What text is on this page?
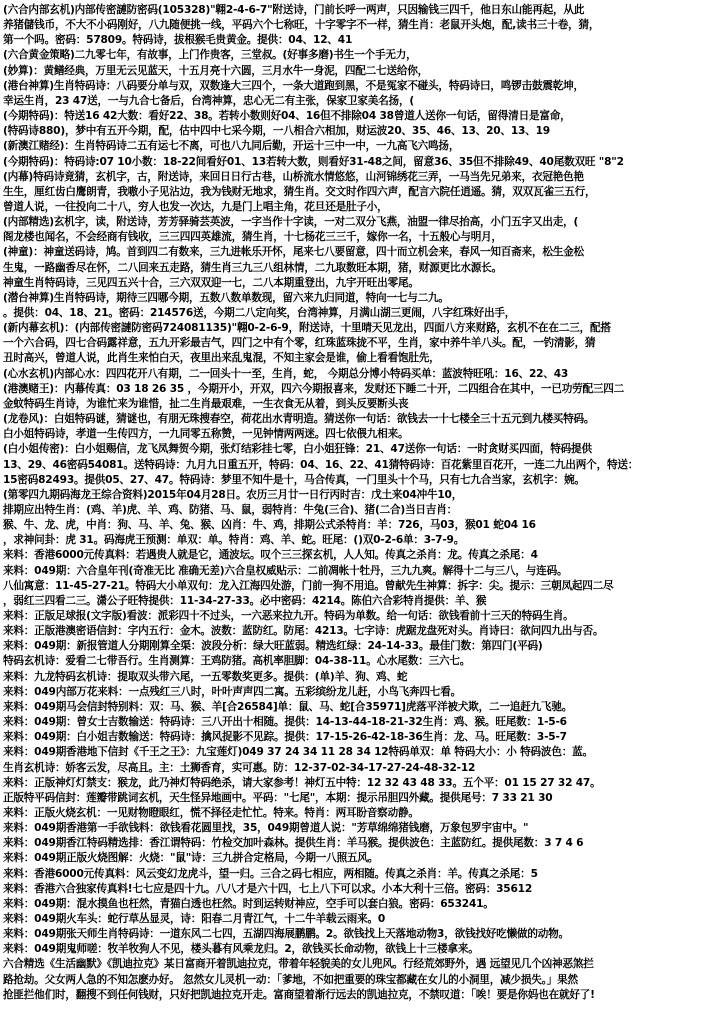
(六合内部玄机)内部传密謰防密码(105328)"翺2-4-6-7"附送诗，门前长呼一两声，只因输钱三四千，他日东山能再起，从此
养猪儲钱币，不大不小码刚好，八九随便挑一线，平码六个七称旺，十字零字不一样，猜生肖：老鼠开头炮，配,读书三十卷，猜，
第一个吗。密码：57809。特码诗，拔根猴毛贵黄金。提供：04、12、41
(六合黄金策略)二九零七年，有故事，上门作贵客，三堂叔。(好事多磨)书生一个手无力，
(妙算)：黄鳝经典，万里无云见蓝天，十五月亮十六圆，三月水牛一身泥，四配二七送给你，
(港台神算)生肖特码诗：八码要分单与双，双数逢大三四个，一条大道跑到黑，不是冤家不碰头，特码诗曰，鸣锣击鼓震乾坤，
幸运生肖，23 47送，一与九合七备后，台湾神算，忠心无二有主张，保家卫家美名扬，(
(今期特码)：特送16 42大数：看好22、38。若转小数则好04、16但不排除04 38曾道人送你一句话，留得清日是富命，
(特码诗880)，梦中有五开今期，配，估中四中七采今期，一八相合六相加，财运波20、35、46、13、20、13、19
(新澳江赌经)：生肖特码诗二五有运七不离，可也八九同后勤，开运十三中一中，一九高飞六鸣扬，
(今期特码)：特码诗:07 10小数：18-22间看好01、13若转大数，则看好31-48之间，留意36、35但不排除49、40尾数双旺 "8"2
(内幕)特码诗竟猜，玄机字，古，附送诗，来回日日行古巷，山桥流水情悠悠，山河锦绣花三弄，一马当先兄弟来，衣冠艳色艳
生生，厘红齿白鹰朗青，我嗷小子见沾边，我为钱财无地求，猜生肖。交文时作四六声，配言六院任逍遥。猜，双双瓦雀三五行，
曾道人说，一往投向二十八，穷人也发一次达，九是门上唱主角，花旦还是肚子小，
(内部精选)玄机字，读，附送诗，芳芳驿骑芸英波，一字当作十字读，一对二双分飞燕，油盟一律尽抬高，小门五字又出走，(
阁龙楼也闻名，不会经商有钱收，三三四四英雄流，猜生肖，十七杨花三三千，嫁你一名，十五般心与明月，
(神童)：神童送码诗，鸠。首到四二有数来，三九进帐乐开怀，尾来七八要留意，四十而立机会来，春风一知百斋来，松生金松
生鬼，一路幽香尽在怀，二八回来五走路，猜生肖三九三八组林情，二九取数旺本期，猪，财源更比水源长。
神童生肖特码诗，三见四五兴十合，三六双双迎一七，二八本期重登出，九宇开旺出零尾。
(潜台神算)生肖特码诗，期待三四哪今期，五数八数单数现，留六来九归同道，特向一七与二九。
。提供：04、18、21。密码：214576送，今期二八定向奖，台湾神算，月满山湖三更闹，八字红珠好出手，
(新内幕玄机)：(内部传密謰防密码724081135)"翺0-2-6-9，附送诗，十里晴天见龙出，四面八方来财路，玄机不在在二三，配搭
一个六合码，四七合码露祥意，五九开彩最吉气，四门之中有个零，红珠蓝珠拢不平，生肖，家中养牛羊八头。配，一钓清影，猜
丑时高兴，曾道人说，此肖生来怕白天，夜里出来乱鬼混，不知主家会是谁，偷上看看饱肚先，
(心水玄机)内部心水：四四花开八有期，二一回头十一至，生肖，蛇， 今期总分博小特码买单：蓝波特旺吼：16、22、43
(港澳赌王)：内幕传真：03 18 26 35 ，今期开小，开双，四六今期报喜来，发财还下睡二十开，二四组合在其中，一已功劳配三四二
金蚊特码生肖诗，为谁忙来为谁惜，扯二生肖最艰难，一生衣食无从着，到头反要断头丧
(龙卷风)：白姐特码谜，猜谜也，有朋无珠搜春空，荷花出水青明造。猜送你一句话：欲钱去一十七楼全三十五元到九楼买特码。
白小姐特码诗，孝道一生传四方，一九同零五称赞，一见钟情两两迷。四七依偎九相来。
(白小姐传密)：白小姐赐信，龙飞凤舞贺今期，张灯结彩挂七零，白小姐狂锋：21、47送你一句话：一时贪财买四面，特码提供
13、29、46密码54081。送特码诗：九月九日重五开，特码：04、16、22、41猜特码诗：百花紫里百花开，一连二九出两个，特送：
15密码82493。提供05、27、47。特码诗：梦里不知牛是十，马合传真，一门里头十个马，只有七九合当家，玄机字：婉。
(第零四九期码海龙王综合资料)2015年04月28日。农历三月廿一日行丙时吉：戊土来04冲牛10，
排期应出特生肖：(鸡、羊)虎、羊、鸡、防猪、马、鼠，弱特肖：牛兔(三合)、猪(二合)当日吉肖：
猴、牛、龙、虎，中肖：狗、马、羊、兔、猴、凶肖：牛、鸡，排期公式杀特肖：羊：726，马03，猴01 蛇04 16
，求神问卦：虎 31。码海虎王预测：单双：单。特肖：鸡、羊、蛇。旺尾：()双0-2-6单：3-7-9。
来料：香港6000元传真料：若遇贵人就是它，通波坛。叹个三三探玄机，人人知。传真之杀肖：龙。传真之杀尾：4
来料：049期：六合皇年刊(奇准无比 准确无差)六合皇权威贴示：二前凋帐十牡丹，三九九爽。解得十二与三八，与连码。
八仙寓意：11-45-27-21。特码大小单双句：龙入江海四处游，门前一狗不用追。曾献先生神算：拆字：尖。提示：三朝凤起四二尽
，弱红三四看二三。潇公子旺特提供：11-34-27-33。必中密码：4214。陈伯六合彩特肖提供：羊、猴
来料：正版足球报(文字版)看波：派彩四十不过头，一六恶来拉九开。特码为单数。给一句话：欲钱看前十三天的特码生肖。
来料：正版港澳密语信封：字内五行：金木。波数：蓝防红。防尾：4213。七字诗：虎踞龙盘死对头。肖诗曰：欲问四九出与否。
来料：049期：新报管道人分期刚算全渠：波段分析：绿大旺蓝弱。精选红绿：24-14-33。最佳门数：第四门(平码)
特码玄机诗：爱看二七带吾行。生肖测算：王鸡防猪。高机率胆脚：04-38-11。心水尾数：三六七。
来料：九龙特码玄机诗：提取双头带六尾，一五零数奖更多。提供：(单)羊、狗、鸡、蛇
来料：049内部万花来料：一点残红三八时，叶叶声声四二寓。五彩缤纷龙儿赶，小鸟飞奔四七看。
来料：049期马会信封特别料：双：马、猴、羊[合26584]单：鼠、马、蛇[合35971]虎落平洋被犬欺，二一追赶九飞驰。
来料：049期：曾女士吉数输送：特码诗：三八开出十相随。提供：14-13-44-18-21-32生肖：鸡、猴。旺尾数：1-5-6
来料：049期：白小姐吉数输送：特码诗：擒风捉影不见踪。提供：17-15-26-42-18-36生肖：龙、马。旺尾数：3-5-7
来料：049期香港地下信封《千王之王》：九宝莲灯)049 37 24 34 11 28 34 12特码单双：单 特码大小：小 特码波色：蓝。
生肖玄机诗：娇客云发，尽高且。主：土狮香育，实可惠。防：12-37-02-34-17-27-24-48-32-12
来料：正版神灯灯禁支：猴龙，此乃神灯特码绝杀，请大家参考！神灯五中特：12 32 43 48 33。五个平：01 15 27 32 47。
正版特平码信封：莲瓣带跳词玄机，天生怪异地画中。平码："七尾"，本期：提示吊胆四外藏。提供尾号：7 33 21 30
来料：正版火烧玄机：一见财物瞪眼红，慌不择径走忙忙。特来。特肖：两耳盼音察动静。
来料：049期香港第一手欲钱料：欲钱看花圆里找，35，049期曾道人说："芳草绵绵猪钱磨，万象包罗宇宙中。"
来料：049期香江特码精选排：香江谓特码：竹检交加叶森林。提供生肖：羊马猴。提供波色：主蓝防红。提供尾数：3 7 4 6
来料：049期正版火烧图解：火烧："鼠"诗：三九拼合定格局，今期一八照五风。
来料：香港6000元传真料：风云变幻龙虎斗，望一归。三合之码七相应，两相随。传真之杀肖：羊。传真之杀尾：5
来料：香港六合独家传真料!七七应是四十九。八八才是六十四，七上八下可以求。小本大利十三倍。密码：35612
来料：049期：混水摸鱼也枉然，青猫白透也枉然。时到运转财神应，空手可以套白狼。密码：653241。
来料：049期火车头：蛇行草丛显灵，诗：阳春二月青江气，十二牛羊载云雨来。0
来料：049期张天师生肖特码诗：一道东风二七四，五湖四海展鹏鹏。2。欲钱找上天落地动物3，欲钱找好吃懒做的动物。
来料：049期鬼师嗟：牧羊牧狗人不见，楼头暮有风乘龙归。2，欲钱买长命动物，欲钱上十三楼拿来。
六合精选《生活幽默》《凯迪拉克》某日富商开着凯迪拉克，带着年轻貌美的女儿兜风。行经荒郊野外，遇 远望见几个凶神恶煞拦
路抢劫。父女两人急的不知怎麽办好。 忽然女儿灵机一动：「爹地，不如把重要的珠宝都藏在女儿的小洞里，减少损失。」果然
抢匪拦他们时，翻搜不到任何钱财，只好把凯迪拉克开走。富商望着渐行远去的凯迪拉克，不禁叹道：「唉！要是你妈也在就好了!
